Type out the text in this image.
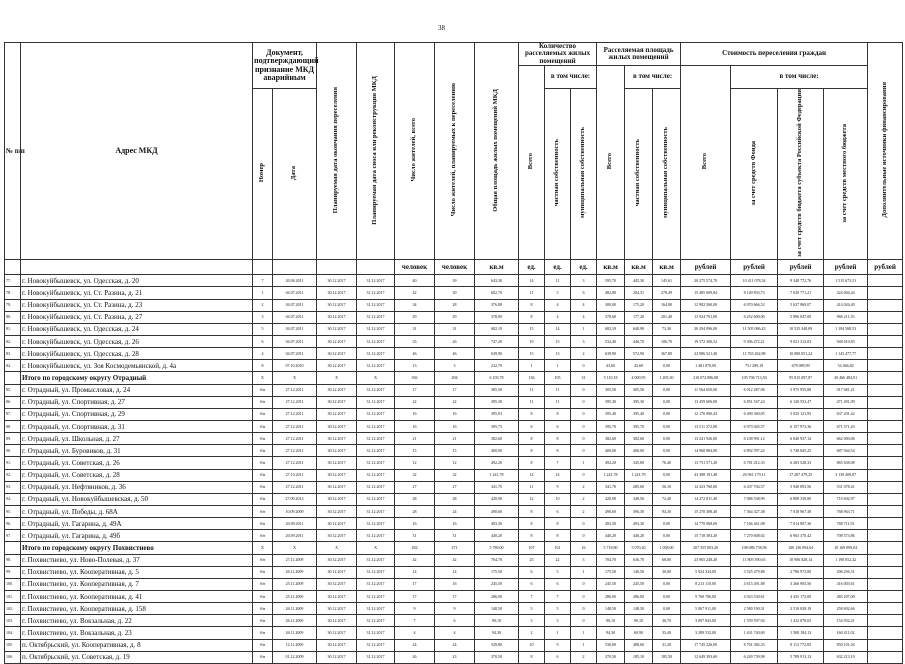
38
№ п/п	Адрес МКД	Документ, подтверждающий признание МКД аварийным		Планируемая дата окончания переселения	Планируемая дата сноса или реконструкции МКД	Число жителей, всего	Число жителей, планируемых к переселению	Общая площадь жилых помещений МКД	Количество расселяемых жилых помещений			Расселяемая площадь жилых помещений			Стоимость переселения граждан				Дополнительные источники финансирования
									Всего	в том числе:		Всего	в том числе:		Всего	в том числе:			
		Номер	Дата							частная собственность	муниципальная собственность		частная собственность	муниципальная собственность		за счет средств Фонда	за счет средств бюджета субъекта Российской Федерации	за счет средств местного бюджета	
						человек	человек	кв.м	ед.	ед.	ед.	кв.м	кв.м	кв.м	рублей	рублей	рублей	рублей	рублей
77.	г. Новокуйбышевск, ул. Одесская, д. 20	7	20.06.2011	30.12.2017	31.12.2017	40	39	643,30	14	11	3	595,70	445,30	145,61	20 275 574,70	10 411 078,34	9 348 772,76	1 515 673,51	
78.	г. Новокуйбышевск, ул. Ст. Разина, д. 21	1	04.07.2011	30.12.2017	31.12.2017	42	30	602,70	11	5	6	482,80	204,31	278,49	15 485 609,84	8 140 833,73	7 020 771,21	324 004,44	
79.	г. Новокуйбышевск, ул. Ст. Разина, д. 23	2	04.07.2011	30.12.2017	31.12.2017	34	28	376,88	8	4	4	300,00	175,20	164,80	12 982 560,00	6 970 666,52	5 637 869,07	414 026,40	
80.	г. Новокуйбышевск, ул. Ст. Разина, д. 27	3	04.07.2011	30.12.2017	31.12.2017	29	29	378,00	8	4	4	378,60	177,20	201,40	13 924 791,00	6 252 600,00	5 896 047,00	966 211,35	
81.	г. Новокуйбышевск, ул. Одесская, д. 24	5	04.07.2011	30.12.2017	31.12.2017	31	31	682,19	15	14	1	682,19	640,90	73,30	20 294 096,00	11 505 086,43	10 525 348,09	1 194 568,53	
82.	г. Новокуйбышевск, ул. Одесская, д. 26	6	04.07.2011	30.12.2017	31.12.2017	33	26	747,20	19	15	3	532,40	446,70	106,70	19 572 300,52	9 306 472,21	9 021 312,03	948 610,83	
83.	г. Новокуйбышевск, ул. Одесская, д. 28	4	04.07.2011	30.12.2017	31.12.2017	46	46	639,90	15	13	2	639,90	572,90	367,80	22 986 521,40	11 763 262,88	10 080 051,24	1 143 477,77	
84.	г. Новокуйбышевск, ул. Зоя Космодемьянской, д. 4а	8	07.10.2010	30.12.2017	31.12.2017	13	3	232,70	1	1	0	43,60	43,60	0,00	1 481 870,00	751 289,19	678 089,99	54 466,82	
	Итого по городскому округу Отрадный	X	X	X	X	356	294	6 103,78	136	105	31	5 110,18	4 000,95	1 205,30	210 072 086,08	105 706 713,50	95 815 097,87	20 466 484,91	
85.	г. Отрадный, ул. Промысловая, д. 24	б/н	27.12.2011	30.12.2017	31.12.2017	17	17	305,50	11	11	0	305,50	305,50	0,00	11 564 650,00	6 012 287,96	5 975 955,88	017 681,21	
86.	г. Отрадный, ул. Спортивная, д. 27	б/н	27.12.2011	30.12.2017	31.12.2017	22	22	395,30	11	11	0	395,30	395,30	0,00	13 459 606,00	6 851 547,24	6 126 553,47	471 491,09	
87.	г. Отрадный, ул. Спортивная, д. 29	б/н	27.12.2011	30.12.2017	31.12.2017	16	16	395,93	8	8	0	395,40	395,40	0,00	12 170 000,43	6 490 360,05	5 025 121,95	637 201,42	
88.	г. Отрадный, ул. Спортивная, д. 31	б/н	27.12.2011	30.12.2017	31.12.2017	16	16	395,73	6	6	0	395,70	395,70	0,00	13 511 372,00	6 973 045,57	6 157 973,36	671 571,43	
89.	г. Отрадный, ул. Школьная, д. 27	б/н	27.12.2011	30.12.2017	31.12.2017	21	21	382,60	8	8	0	382,60	382,60	0,00	13 241 926,00	6 238 991,12	6 040 937,14	662 000,06	
90.	г. Отрадный, ул. Буровиков, д. 31	б/н	27.12.2011	30.12.2017	31.12.2017	15	15	400,00	8	8	0	400,00	400,00	0,00	14 968 884,00	6 892 597,24	5 740 845,25	687 944,54	
91.	г. Отрадный, ул. Советская, д. 26	б/н	27.12.2011	30.12.2017	31.12.2017	12	12	492,20	8	7	1	492,20	345,80	76,40	13 751 571,20	6 781 412,33	6 265 528,33	865 638,08	
92.	г. Отрадный, ул. Советская, д. 28	б/н	27.10.2011	30.12.2017	31.12.2017	32	32	1 241,78	14	14	0	1 241,78	1 241,78	0,00	43 388 191,48	20 961 179,11	17 287 479,25	3 139 409,87	
93.	г. Отрадный, ул. Нефтяников, д. 36	б/н	27.12.2011	30.12.2017	31.12.2017	27	27	341,70	11	9	2	341,70	285,60	56,10	12 323 760,00	6 437 704,57	5 940 893,56	531 078,41	
94.	г. Отрадный, ул. Новокуйбышевская, д. 50	б/н	27.09.2013	30.12.2017	31.12.2017	28	28	420,90	12	10	2	420,90	348,56	72,40	14 272 811,40	7 086 538,99	6 808 339,80	710 602,97	
95.	г. Отрадный, ул. Победы, д. 68А	б/н	10.09.2009	30.12.2017	31.12.2017	28	24	490,60	8	6	2	490,60	396,30	94,30	15 270 308,40	7 364 327,38	7 018 967,38	768 963,71	
96.	г. Отрадный, ул. Гагарина, д. 49А	б/н	20.09.2011	30.12.2017	31.12.2017	16	16	493,30	8	8	0	493,30	493,30	0,00	14 770 968,00	7 166 461,08	7 014 807,36	768 711,91	
97.	г. Отрадный, ул. Гагарина, д. 49б	б/н	20.09.2011	30.12.2017	31.12.2017	31	31	440,20	8	8	0	440,20	440,20	0,00	15 718 383,20	7 270 608,02	6 963 370,42	708 573,86	
	Итого по городскому округу Похвистнево	X	X	X	X	282	271	5 789,00	107	101	16	5 718,80	5 070,20	1 058,00	207 355 803,20	108 086 758,96	100 136 094,64	10 169 099,04	
98.	г. Похвистнево, ул. Ново-Полевая, д. 37	б/н	27.11.2009	30.12.2017	31.12.2017	42	42	704,70	25	22	3	704,70	636,70	68,00	23 965 248,20	11 805 590,63	10 906 828,14	1 190 052,42	
99.	г. Похвистнево, ул. Кооперативная, д. 5	б/н	26.11.2009	30.12.2017	31.12.2017	14	14	175,50	6	5	1	175,50	146,50	30,00	5 924 334,00	3 525 479,88	2 786 973,00	296 256,31	
100.	г. Похвистнево, ул. Кооперативная, д. 7	б/н	25.11.2009	30.12.2017	31.12.2017	17	16	245,50	6	6	0	245,50	245,50	0,00	8 213 110,00	4 615 491,88	3 266 905,56	416 003,61	
101.	г. Похвистнево, ул. Кооперативная, д. 41	б/н	25.11.2009	30.12.2017	31.12.2017	17	17	286,00	7	7	0	286,00	286,00	0,00	9 760 786,00	4 923 530,61	4 435 173,00	483 207,00	
102.	г. Похвистнево, ул. Кооперативная, д. 158	б/н	26.11.2009	30.12.2017	31.12.2017	9	9	148,50	5	5	0	148,50	148,50	0,00	5 067 911,00	2 580 190,31	2 510 028,19	258 692,66	
103.	г. Похвистнево, ул. Вокзальная, д. 22	б/н	26.11.2009	30.12.2017	31.12.2017	7	6	90,10	3	3	0	90,10	90,10	36,70	3 097 843,00	1 559 597,94	1 412 078,65	154 932,21	
104.	г. Похвистнево, ул. Вокзальная, д. 23	б/н	26.11.2009	30.12.2017	31.12.2017	4	4	94,30	2	1	1	94,30	60,90	33,40	3 289 532,00	1 631 740,69	1 508 184,13	160 411,02	
105.	п. Октябрьский, ул. Кооперативная, д. 8	б/н	12.11.2009	30.12.2017	31.12.2017	24	24	529,80	10	9	1	530,00	488,60	31,20	17 745 226,00	8 761 382,33	8 113 772,83	850 101,04	
106.	п. Октябрьский, ул. Советская, д. 19	б/н	01.12.2009	30.12.2017	31.12.2017	26	23	370,50	8	6	2	370,50	185,10	185,50	12 649 393,60	6 249 739,98	5 789 913,13	632 213,19	
